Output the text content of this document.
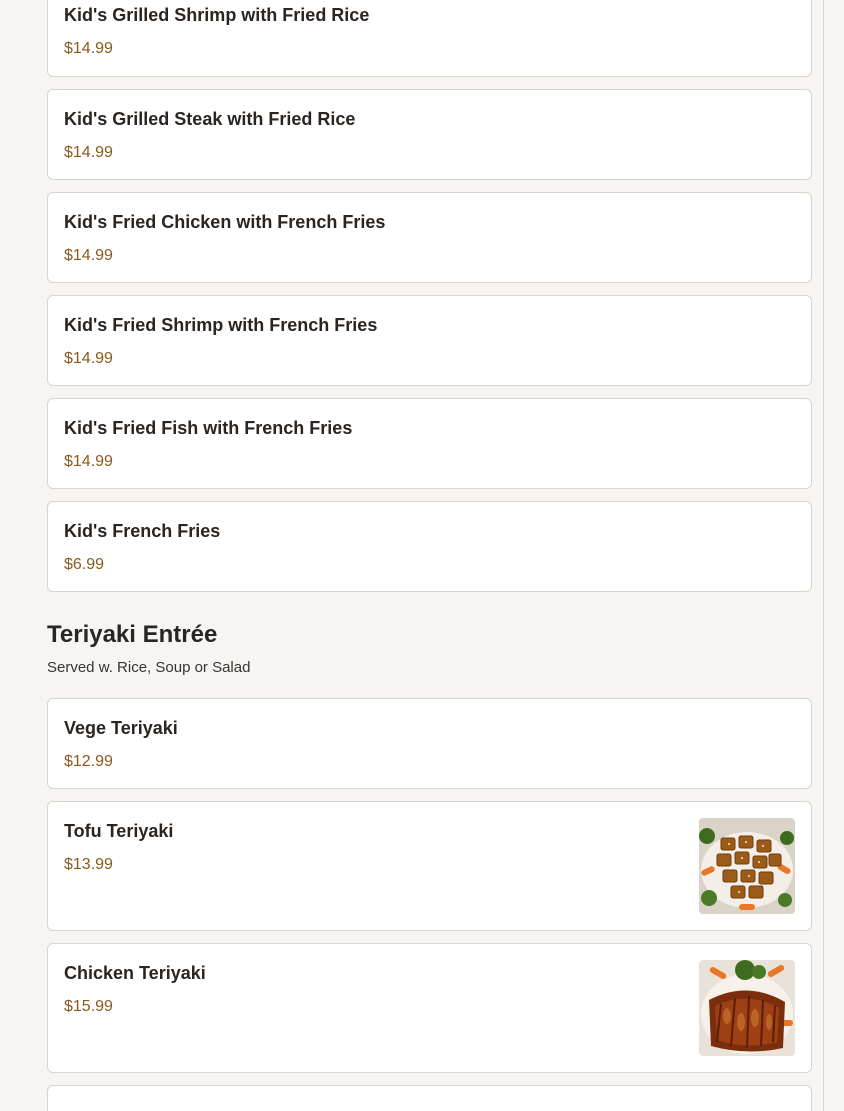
Kid's Grilled Shrimp with Fried Rice
$14.99
Kid's Grilled Steak with Fried Rice
$14.99
Kid's Fried Chicken with French Fries
$14.99
Kid's Fried Shrimp with French Fries
$14.99
Kid's Fried Fish with French Fries
$14.99
Kid's French Fries
$6.99
Teriyaki Entrée
Served w. Rice, Soup or Salad
Vege Teriyaki
$12.99
Tofu Teriyaki
$13.99
Chicken Teriyaki
$15.99
